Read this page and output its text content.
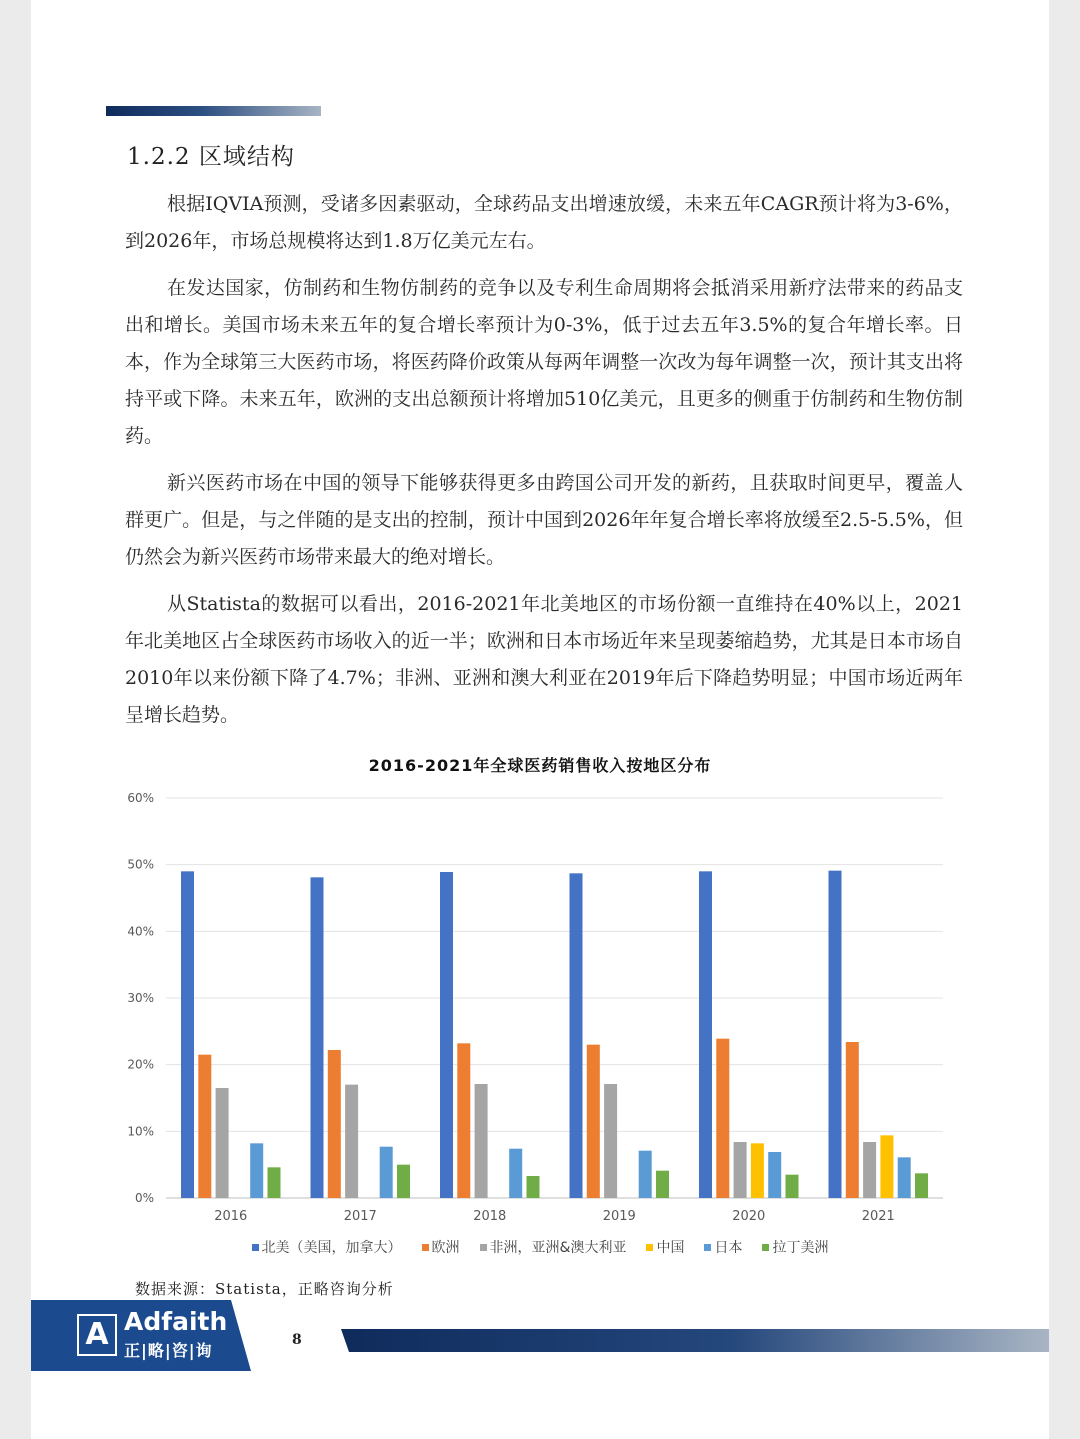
1.2.2 区域结构

根据IQVIA预测，受诸多因素驱动，全球药品支出增速放缓，未来五年CAGR预计将为3-6%，到2026年，市场总规模将达到1.8万亿美元左右。

在发达国家，仿制药和生物仿制药的竞争以及专利生命周期将会抵消采用新疗法带来的药品支出和增长。美国市场未来五年的复合增长率预计为0-3%，低于过去五年3.5%的复合年增长率。日本，作为全球第三大医药市场，将医药降价政策从每两年调整一次改为每年调整一次，预计其支出将持平或下降。未来五年，欧洲的支出总额预计将增加510亿美元，且更多的侧重于仿制药和生物仿制药。

新兴医药市场在中国的领导下能够获得更多由跨国公司开发的新药，且获取时间更早，覆盖人群更广。但是，与之伴随的是支出的控制，预计中国到2026年年复合增长率将放缓至2.5-5.5%，但仍然会为新兴医药市场带来最大的绝对增长。

从Statista的数据可以看出，2016-2021年北美地区的市场份额一直维持在40%以上，2021年北美地区占全球医药市场收入的近一半；欧洲和日本市场近年来呈现萎缩趋势，尤其是日本市场自2010年以来份额下降了4.7%；非洲、亚洲和澳大利亚在2019年后下降趋势明显；中国市场近两年呈增长趋势。

2016-2021年全球医药销售收入按地区分布
0%
10%
20%
30%
40%
50%
60%
2016	2017	2018	2019	2020	2021
北美（美国，加拿大） 欧洲 非洲，亚洲&澳大利亚 中国 日本 拉丁美洲
数据来源：Statista，正略咨询分析
A Adfaith
正|略|咨|询
8
